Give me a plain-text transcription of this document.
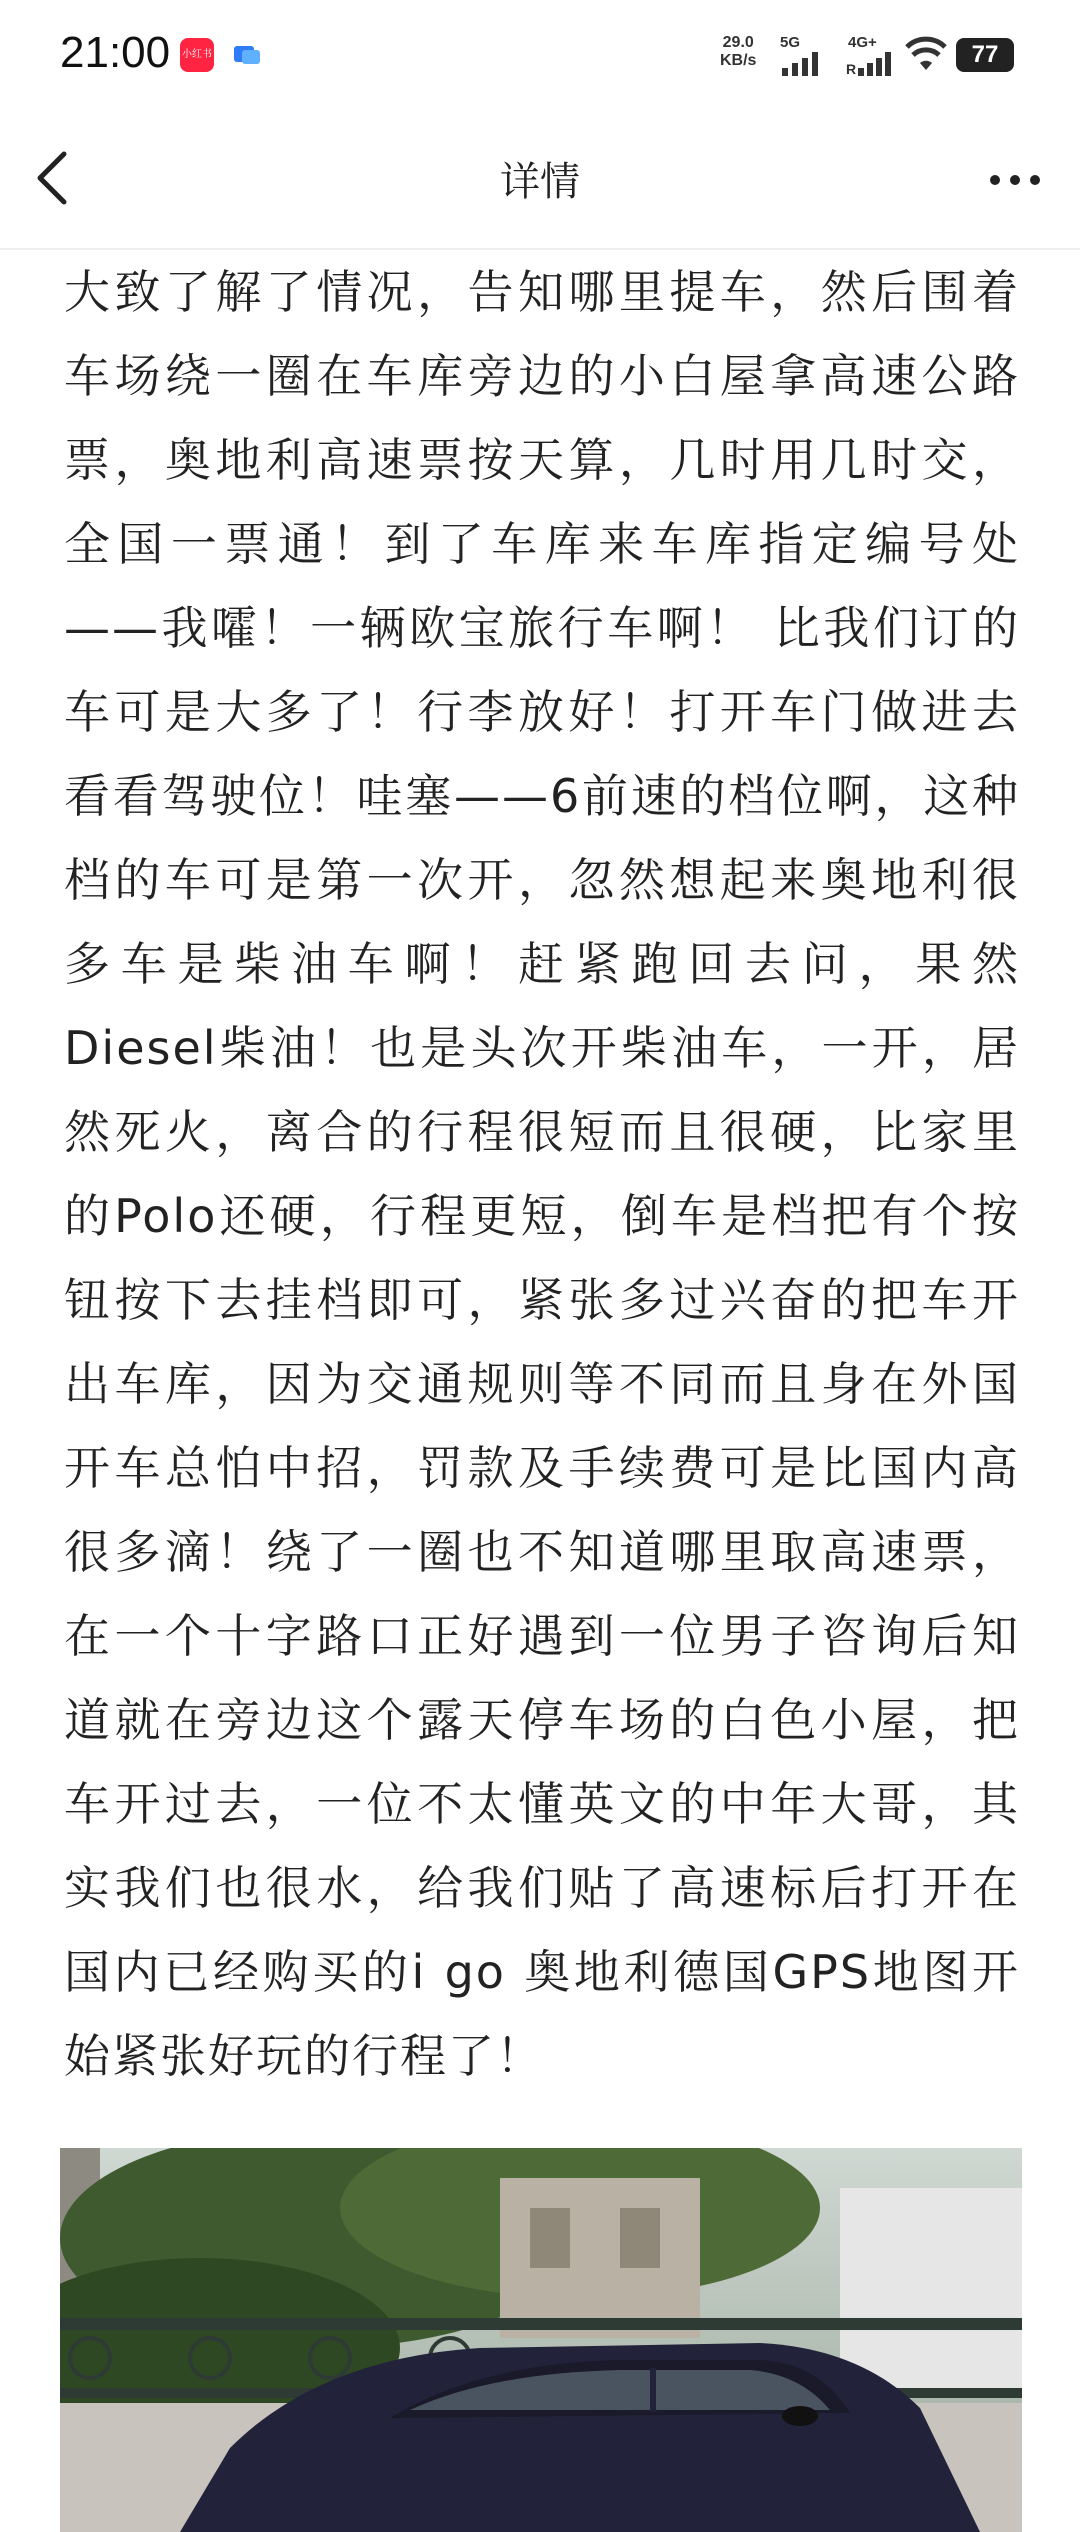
21:00 小红书
29.0
KB/s
5G	4G+
R
77
详情

大致了解了情况，告知哪里提车，然后围着车场绕一圈在车库旁边的小白屋拿高速公路票，奥地利高速票按天算，几时用几时交，全国一票通！到了车库来车库指定编号处——我嚯！一辆欧宝旅行车啊！ 比我们订的车可是大多了！行李放好！打开车门做进去看看驾驶位！哇塞——6前速的档位啊，这种档的车可是第一次开，忽然想起来奥地利很多车是柴油车啊！赶紧跑回去问，果然Diesel柴油！也是头次开柴油车，一开，居然死火，离合的行程很短而且很硬，比家里的Polo还硬，行程更短，倒车是档把有个按钮按下去挂档即可，紧张多过兴奋的把车开出车库，因为交通规则等不同而且身在外国开车总怕中招，罚款及手续费可是比国内高很多滴！绕了一圈也不知道哪里取高速票，在一个十字路口正好遇到一位男子咨询后知道就在旁边这个露天停车场的白色小屋，把车开过去，一位不太懂英文的中年大哥，其实我们也很水，给我们贴了高速标后打开在国内已经购买的i go 奥地利德国GPS地图开始紧张好玩的行程了！
